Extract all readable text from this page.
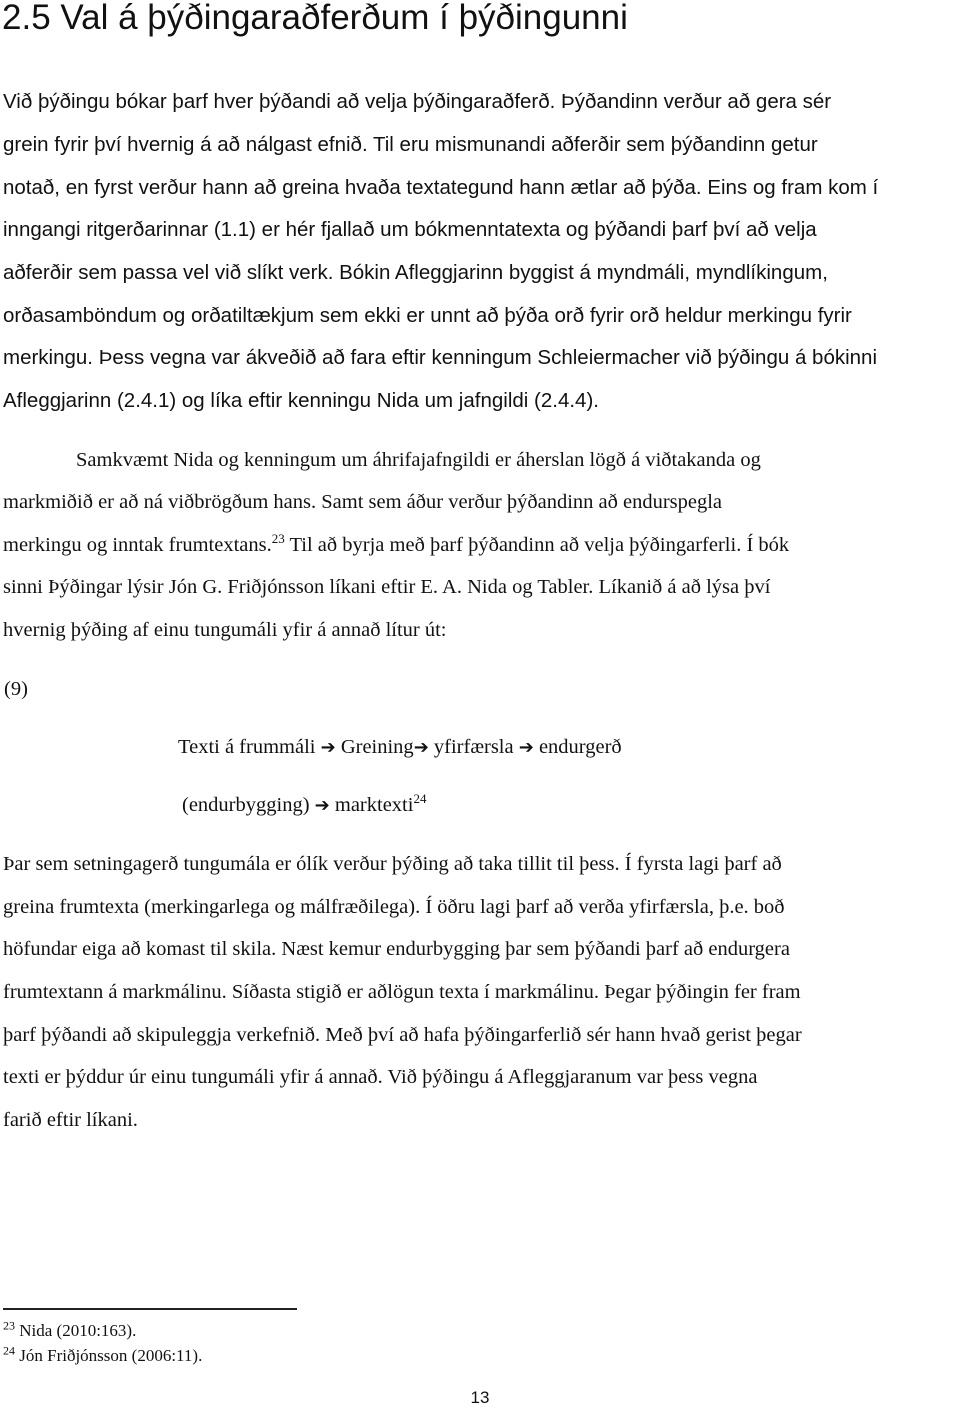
2.5 Val á þýðingaraðferðum í þýðingunni
Við þýðingu bókar þarf hver þýðandi að velja þýðingaraðferð. Þýðandinn verður að gera sér
grein fyrir því hvernig á að nálgast efnið. Til eru mismunandi aðferðir sem þýðandinn getur
notað, en fyrst verður hann að greina hvaða textategund hann ætlar að þýða. Eins og fram kom í
inngangi ritgerðarinnar (1.1) er hér fjallað um bókmenntatexta og þýðandi þarf því að velja
aðferðir sem passa vel við slíkt verk. Bókin Afleggjarinn byggist á myndmáli, myndlíkingum,
orðasamböndum og orðatiltækjum sem ekki er unnt að þýða orð fyrir orð heldur merkingu fyrir
merkingu. Þess vegna var ákveðið að fara eftir kenningum Schleiermacher við þýðingu á bókinni
Afleggjarinn (2.4.1) og líka eftir kenningu Nida um jafngildi (2.4.4).
Samkvæmt Nida og kenningum um áhrifajafngildi er áherslan lögð á viðtakanda og
markmiðið er að ná viðbrögðum hans. Samt sem áður verður þýðandinn að endurspegla
merkingu og inntak frumtextans.$^{23}$ Til að byrja með þarf þýðandinn að velja þýðingarferli. Í bók
sinni Þýðingar lýsir Jón G. Friðjónsson líkani eftir E. A. Nida og Tabler. Líkanið á að lýsa því
hvernig þýðing af einu tungumáli yfir á annað lítur út:
(9)
Texti á frummáli ➔ Greining➔ yfirfærsla ➔ endurgerð
(endurbygging) ➔ marktexti$^{24}$
Þar sem setningagerð tungumála er ólík verður þýðing að taka tillit til þess. Í fyrsta lagi þarf að
greina frumtexta (merkingarlega og málfræðilega). Í öðru lagi þarf að verða yfirfærsla, þ.e. boð
höfundar eiga að komast til skila. Næst kemur endurbygging þar sem þýðandi þarf að endurgera
frumtextann á markmálinu. Síðasta stigið er aðlögun texta í markmálinu. Þegar þýðingin fer fram
þarf þýðandi að skipuleggja verkefnið. Með því að hafa þýðingarferlið sér hann hvað gerist þegar
texti er þýddur úr einu tungumáli yfir á annað. Við þýðingu á Afleggjaranum var þess vegna
farið eftir líkani.
$^{23}$ Nida (2010:163).
$^{24}$ Jón Friðjónsson (2006:11).
13
